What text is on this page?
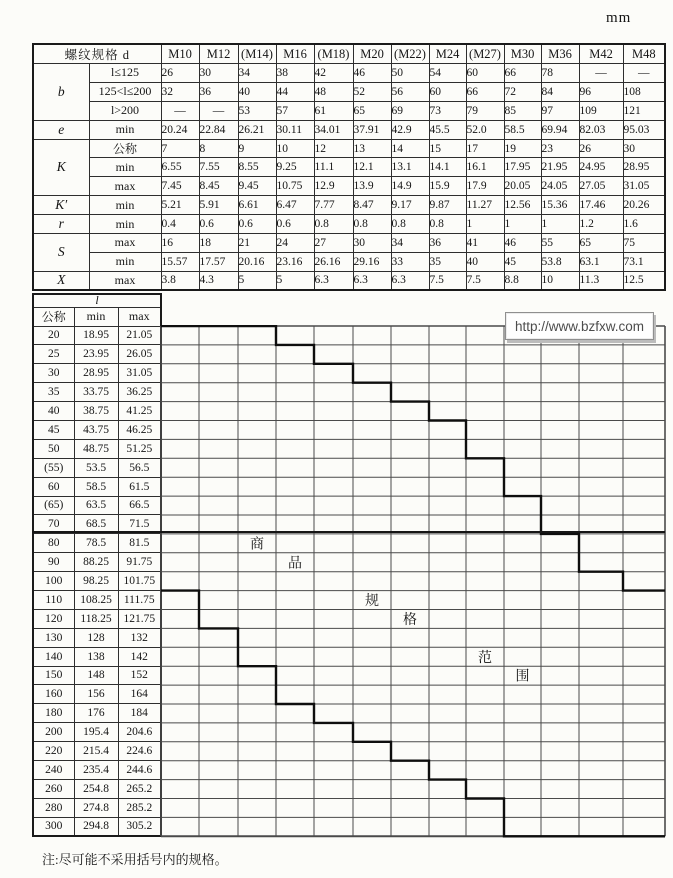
mm
螺纹规格 d		M10	M12	(M14)	M16	(M18)	M20	(M22)	M24	(M27)	M30	M36	M42	M48
b	l≤125	26	30	34	38	42	46	50	54	60	66	78	—	—
	125<l≤200	32	36	40	44	48	52	56	60	66	72	84	96	108
	l>200	—	—	53	57	61	65	69	73	79	85	97	109	121
e	min	20.24	22.84	26.21	30.11	34.01	37.91	42.9	45.5	52.0	58.5	69.94	82.03	95.03
K	公称	7	8	9	10	12	13	14	15	17	19	23	26	30
	min	6.55	7.55	8.55	9.25	11.1	12.1	13.1	14.1	16.1	17.95	21.95	24.95	28.95
	max	7.45	8.45	9.45	10.75	12.9	13.9	14.9	15.9	17.9	20.05	24.05	27.05	31.05
K′	min	5.21	5.91	6.61	6.47	7.77	8.47	9.17	9.87	11.27	12.56	15.36	17.46	20.26
r	min	0.4	0.6	0.6	0.6	0.8	0.8	0.8	0.8	1	1	1	1.2	1.6
S	max	16	18	21	24	27	30	34	36	41	46	55	65	75
	min	15.57	17.57	20.16	23.16	26.16	29.16	33	35	40	45	53.8	63.1	73.1
X	max	3.8	4.3	5	5	6.3	6.3	6.3	7.5	7.5	8.8	10	11.3	12.5
l		
公称	min	max
20	18.95	21.05
25	23.95	26.05
30	28.95	31.05
35	33.75	36.25
40	38.75	41.25
45	43.75	46.25
50	48.75	51.25
(55)	53.5	56.5
60	58.5	61.5
(65)	63.5	66.5
70	68.5	71.5
80	78.5	81.5
90	88.25	91.75
100	98.25	101.75
110	108.25	111.75
120	118.25	121.75
130	128	132
140	138	142
150	148	152
160	156	164
180	176	184
200	195.4	204.6
220	215.4	224.6
240	235.4	244.6
260	254.8	265.2
280	274.8	285.2
300	294.8	305.2
商
品
规
格
范
围
http://www.bzfxw.com
注:尽可能不采用括号内的规格。
